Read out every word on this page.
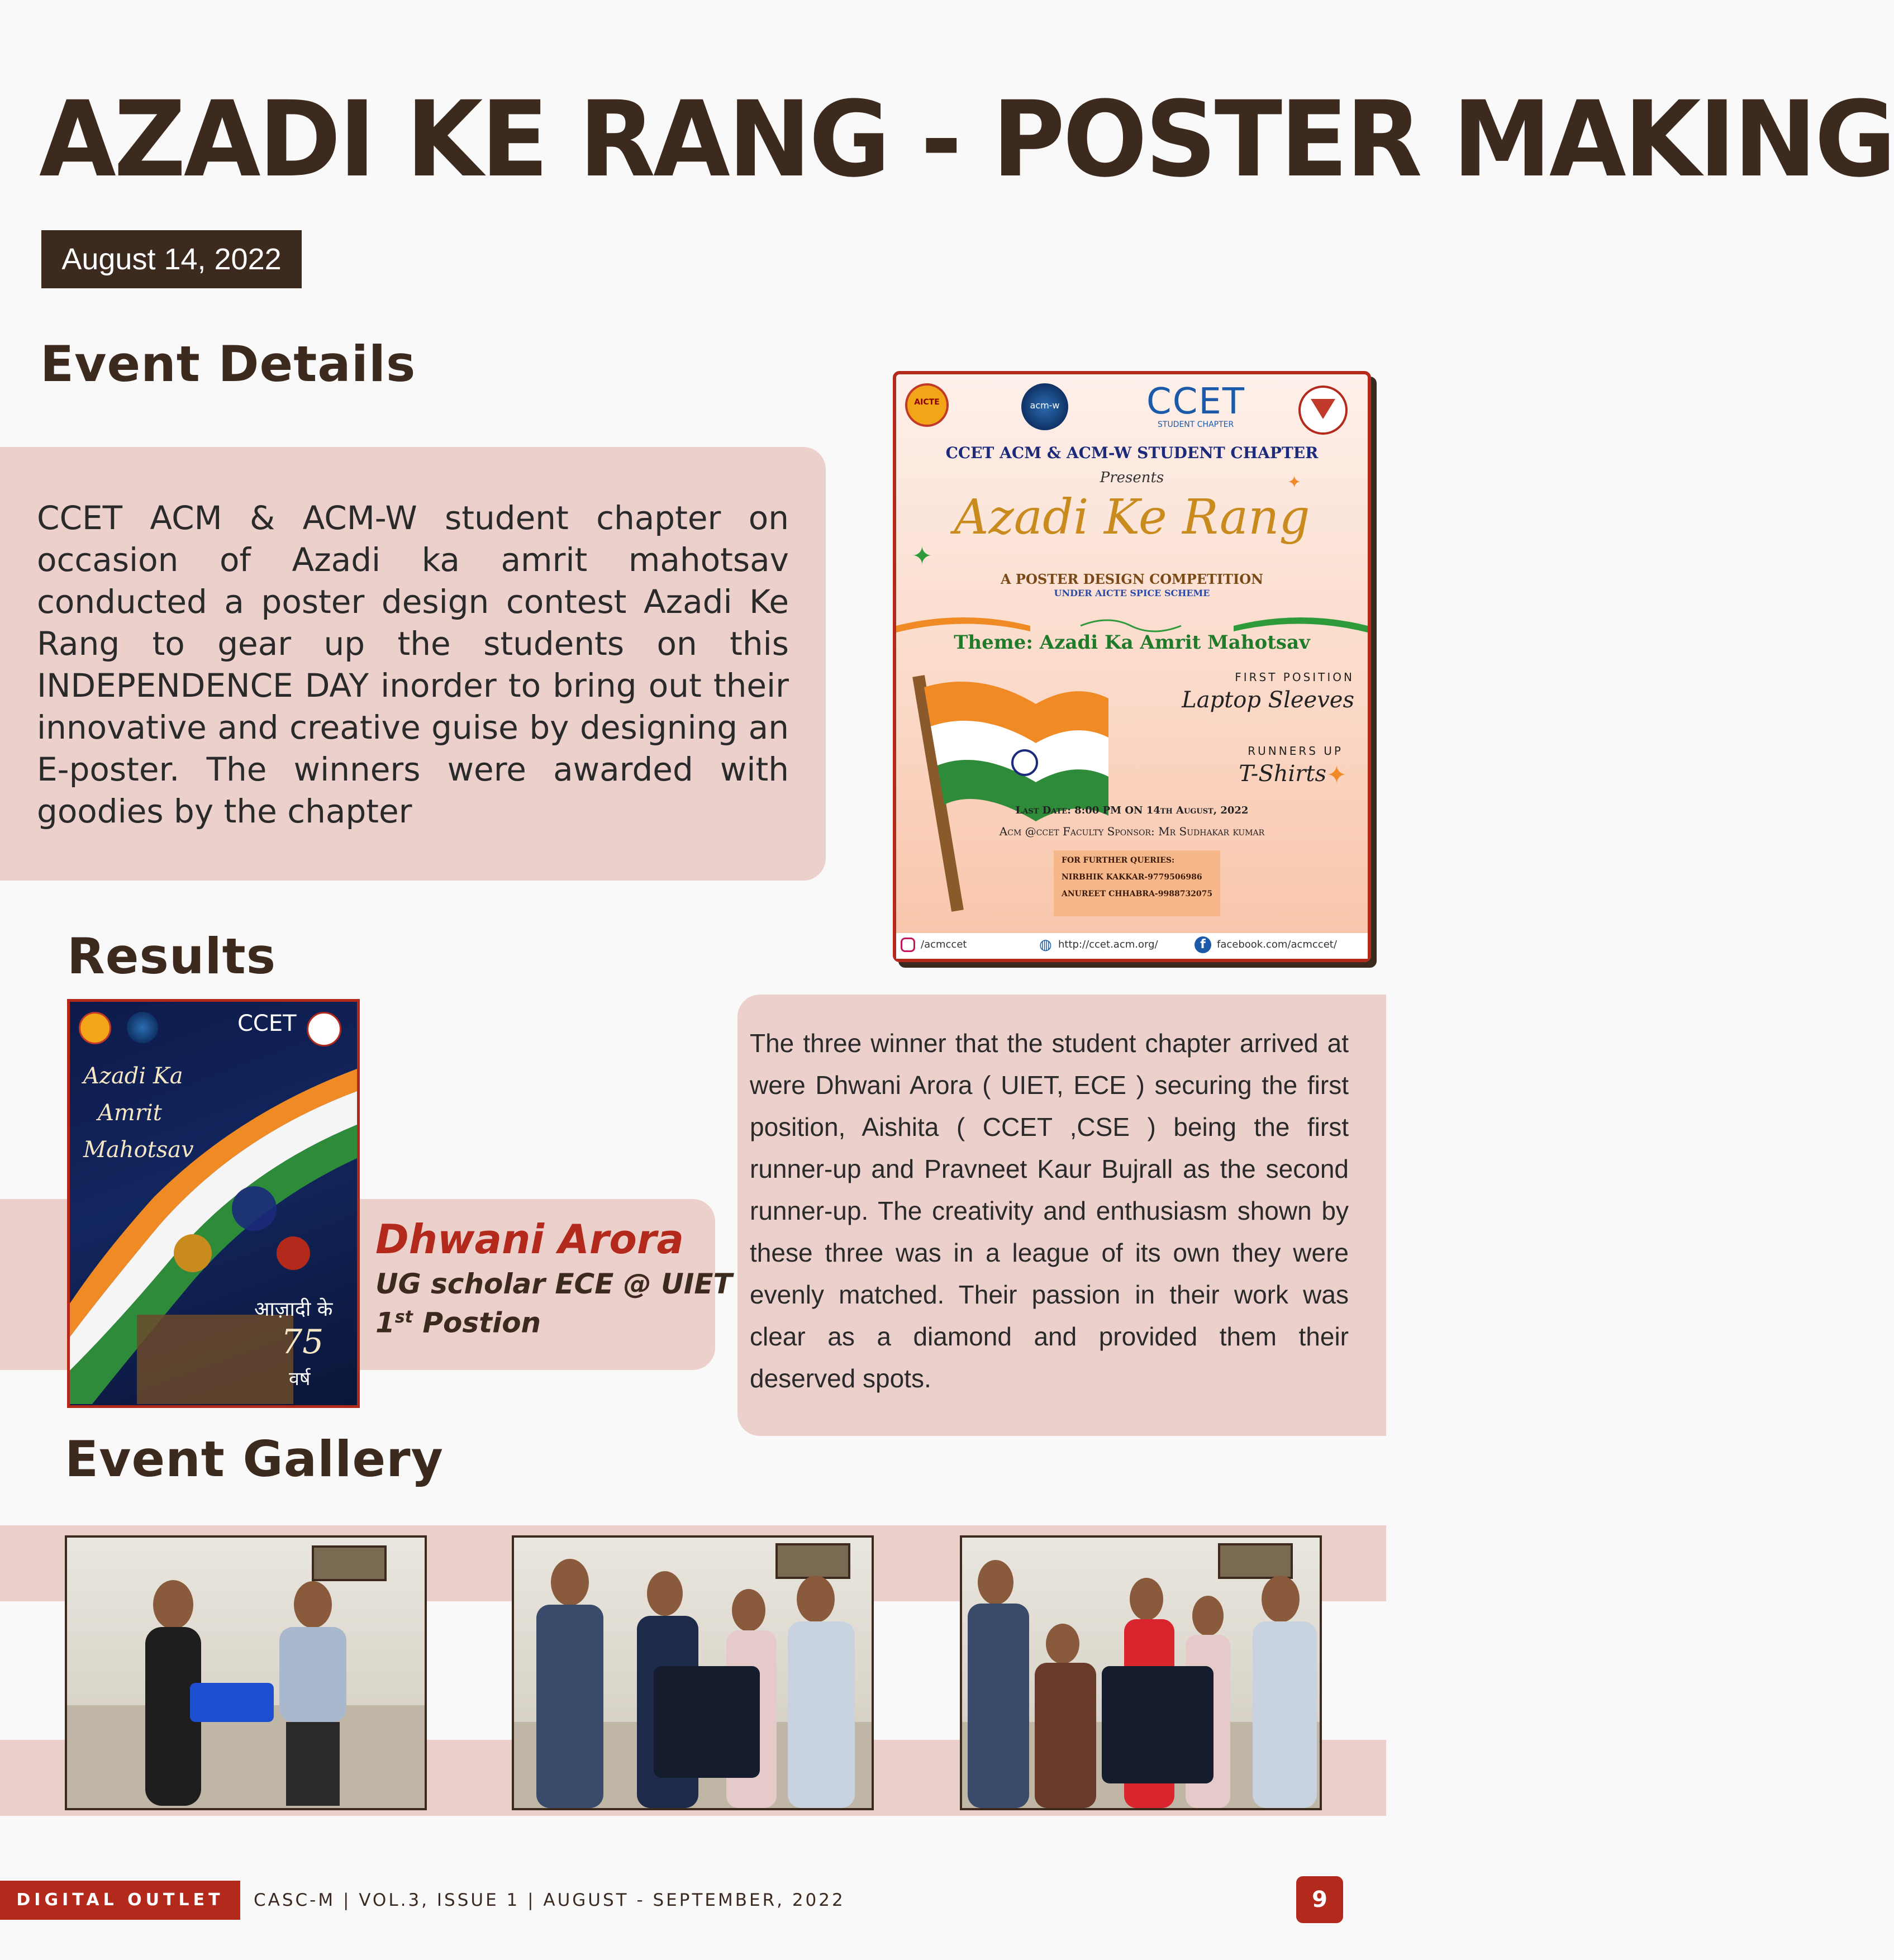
AZADI KE RANG - POSTER MAKING
August 14, 2022
Event Details
CCET ACM & ACM-W student chapter on occasion of Azadi ka amrit mahotsav conducted a poster design contest Azadi Ke Rang to gear up the students on this INDEPENDENCE DAY inorder to bring out their innovative and creative guise by designing an E-poster. The winners were awarded with goodies by the chapter
AICTE	acm-w CCET
STUDENT CHAPTER
CCET ACM & ACM-W STUDENT CHAPTER
Presents
Azadi Ke Rang
A POSTER DESIGN COMPETITION
UNDER AICTE SPICE SCHEME
Theme: Azadi Ka Amrit Mahotsav
FIRST POSITION
Laptop Sleeves
RUNNERS UP
T-Shirts ✦
✦
✦
Last Date: 8:00 PM ON 14th August, 2022
Acm @ccet Faculty Sponsor: Mr Sudhakar kumar
FOR FURTHER QUERIES:
NIRBHIK KAKKAR-9779506986
ANUREET CHHABRA-9988732075
/acmccet	◍ http://ccet.acm.org/	f	facebook.com/acmccet/
Results
The three winner that the student chapter arrived at were Dhwani Arora ( UIET, ECE ) securing the first position, Aishita ( CCET ,CSE ) being the first runner-up and Pravneet Kaur Bujrall as the second runner-up. The creativity and enthusiasm shown by these three was in a league of its own they were evenly matched. Their passion in their work was clear as a diamond and provided them their deserved spots.
CCET
Azadi Ka
Amrit
Mahotsav
आज़ादी के
75
वर्ष
Dhwani Arora
UG scholar ECE @ UIET
1st Postion
Event Gallery
DIGITAL OUTLET	CASC-M | VOL.3, ISSUE 1 | AUGUST - SEPTEMBER, 2022	9
